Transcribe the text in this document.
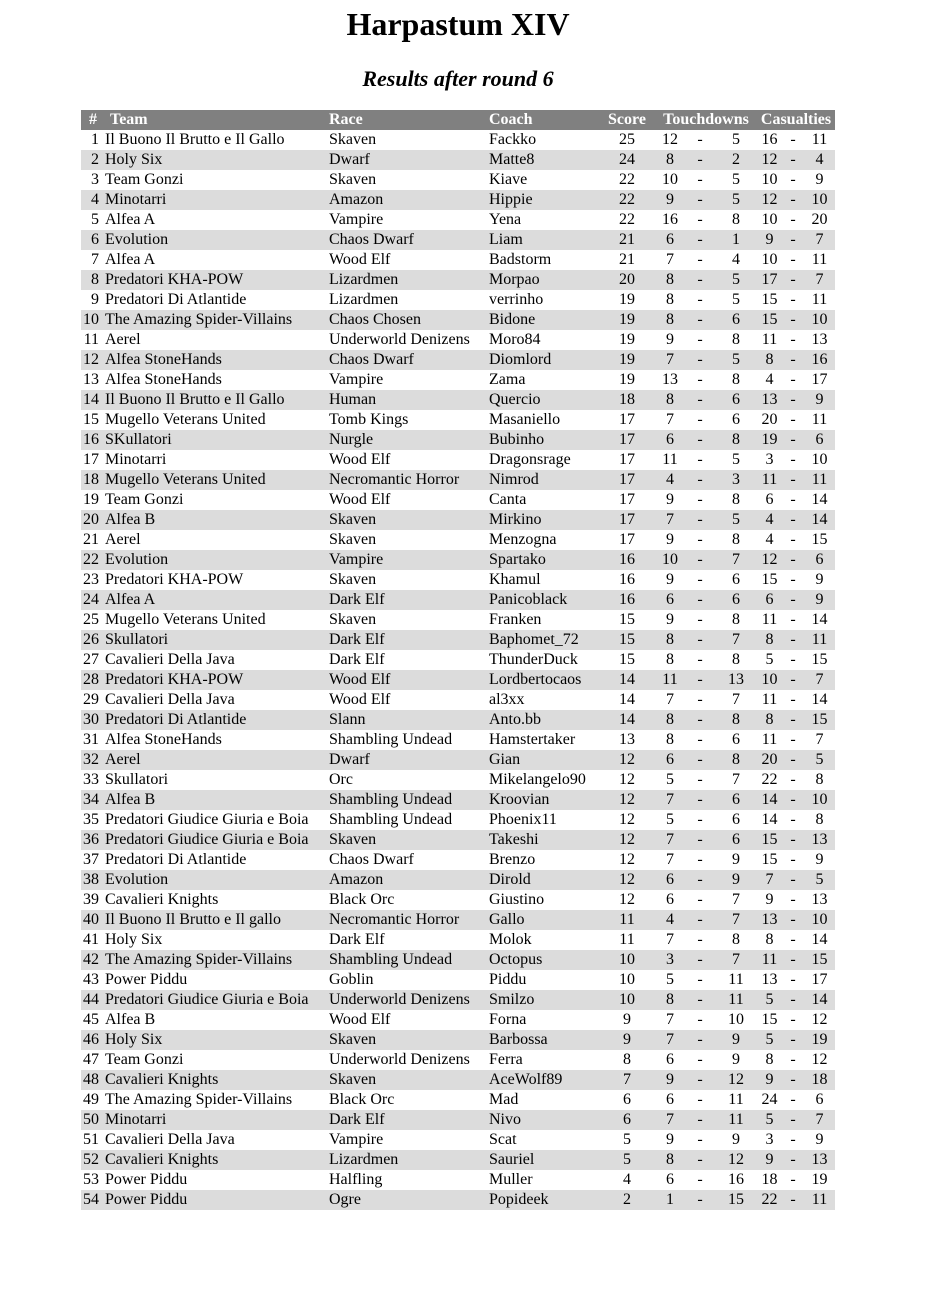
Harpastum XIV
Results after round 6
#	Team	Race	Coach	Score	Touchdowns			Casualties		
1	Il Buono Il Brutto e Il Gallo	Skaven	Fackko	25	12	-	5	16	-	11
2	Holy Six	Dwarf	Matte8	24	8	-	2	12	-	4
3	Team Gonzi	Skaven	Kiave	22	10	-	5	10	-	9
4	Minotarri	Amazon	Hippie	22	9	-	5	12	-	10
5	Alfea A	Vampire	Yena	22	16	-	8	10	-	20
6	Evolution	Chaos Dwarf	Liam	21	6	-	1	9	-	7
7	Alfea A	Wood Elf	Badstorm	21	7	-	4	10	-	11
8	Predatori KHA-POW	Lizardmen	Morpao	20	8	-	5	17	-	7
9	Predatori Di Atlantide	Lizardmen	verrinho	19	8	-	5	15	-	11
10	The Amazing Spider-Villains	Chaos Chosen	Bidone	19	8	-	6	15	-	10
11	Aerel	Underworld Denizens	Moro84	19	9	-	8	11	-	13
12	Alfea StoneHands	Chaos Dwarf	Diomlord	19	7	-	5	8	-	16
13	Alfea StoneHands	Vampire	Zama	19	13	-	8	4	-	17
14	Il Buono Il Brutto e Il Gallo	Human	Quercio	18	8	-	6	13	-	9
15	Mugello Veterans United	Tomb Kings	Masaniello	17	7	-	6	20	-	11
16	SKullatori	Nurgle	Bubinho	17	6	-	8	19	-	6
17	Minotarri	Wood Elf	Dragonsrage	17	11	-	5	3	-	10
18	Mugello Veterans United	Necromantic Horror	Nimrod	17	4	-	3	11	-	11
19	Team Gonzi	Wood Elf	Canta	17	9	-	8	6	-	14
20	Alfea B	Skaven	Mirkino	17	7	-	5	4	-	14
21	Aerel	Skaven	Menzogna	17	9	-	8	4	-	15
22	Evolution	Vampire	Spartako	16	10	-	7	12	-	6
23	Predatori KHA-POW	Skaven	Khamul	16	9	-	6	15	-	9
24	Alfea A	Dark Elf	Panicoblack	16	6	-	6	6	-	9
25	Mugello Veterans United	Skaven	Franken	15	9	-	8	11	-	14
26	Skullatori	Dark Elf	Baphomet_72	15	8	-	7	8	-	11
27	Cavalieri Della Java	Dark Elf	ThunderDuck	15	8	-	8	5	-	15
28	Predatori KHA-POW	Wood Elf	Lordbertocaos	14	11	-	13	10	-	7
29	Cavalieri Della Java	Wood Elf	al3xx	14	7	-	7	11	-	14
30	Predatori Di Atlantide	Slann	Anto.bb	14	8	-	8	8	-	15
31	Alfea StoneHands	Shambling Undead	Hamstertaker	13	8	-	6	11	-	7
32	Aerel	Dwarf	Gian	12	6	-	8	20	-	5
33	Skullatori	Orc	Mikelangelo90	12	5	-	7	22	-	8
34	Alfea B	Shambling Undead	Kroovian	12	7	-	6	14	-	10
35	Predatori Giudice Giuria e Boia	Shambling Undead	Phoenix11	12	5	-	6	14	-	8
36	Predatori Giudice Giuria e Boia	Skaven	Takeshi	12	7	-	6	15	-	13
37	Predatori Di Atlantide	Chaos Dwarf	Brenzo	12	7	-	9	15	-	9
38	Evolution	Amazon	Dirold	12	6	-	9	7	-	5
39	Cavalieri Knights	Black Orc	Giustino	12	6	-	7	9	-	13
40	Il Buono Il Brutto e Il gallo	Necromantic Horror	Gallo	11	4	-	7	13	-	10
41	Holy Six	Dark Elf	Molok	11	7	-	8	8	-	14
42	The Amazing Spider-Villains	Shambling Undead	Octopus	10	3	-	7	11	-	15
43	Power Piddu	Goblin	Piddu	10	5	-	11	13	-	17
44	Predatori Giudice Giuria e Boia	Underworld Denizens	Smilzo	10	8	-	11	5	-	14
45	Alfea B	Wood Elf	Forna	9	7	-	10	15	-	12
46	Holy Six	Skaven	Barbossa	9	7	-	9	5	-	19
47	Team Gonzi	Underworld Denizens	Ferra	8	6	-	9	8	-	12
48	Cavalieri Knights	Skaven	AceWolf89	7	9	-	12	9	-	18
49	The Amazing Spider-Villains	Black Orc	Mad	6	6	-	11	24	-	6
50	Minotarri	Dark Elf	Nivo	6	7	-	11	5	-	7
51	Cavalieri Della Java	Vampire	Scat	5	9	-	9	3	-	9
52	Cavalieri Knights	Lizardmen	Sauriel	5	8	-	12	9	-	13
53	Power Piddu	Halfling	Muller	4	6	-	16	18	-	19
54	Power Piddu	Ogre	Popideek	2	1	-	15	22	-	11
